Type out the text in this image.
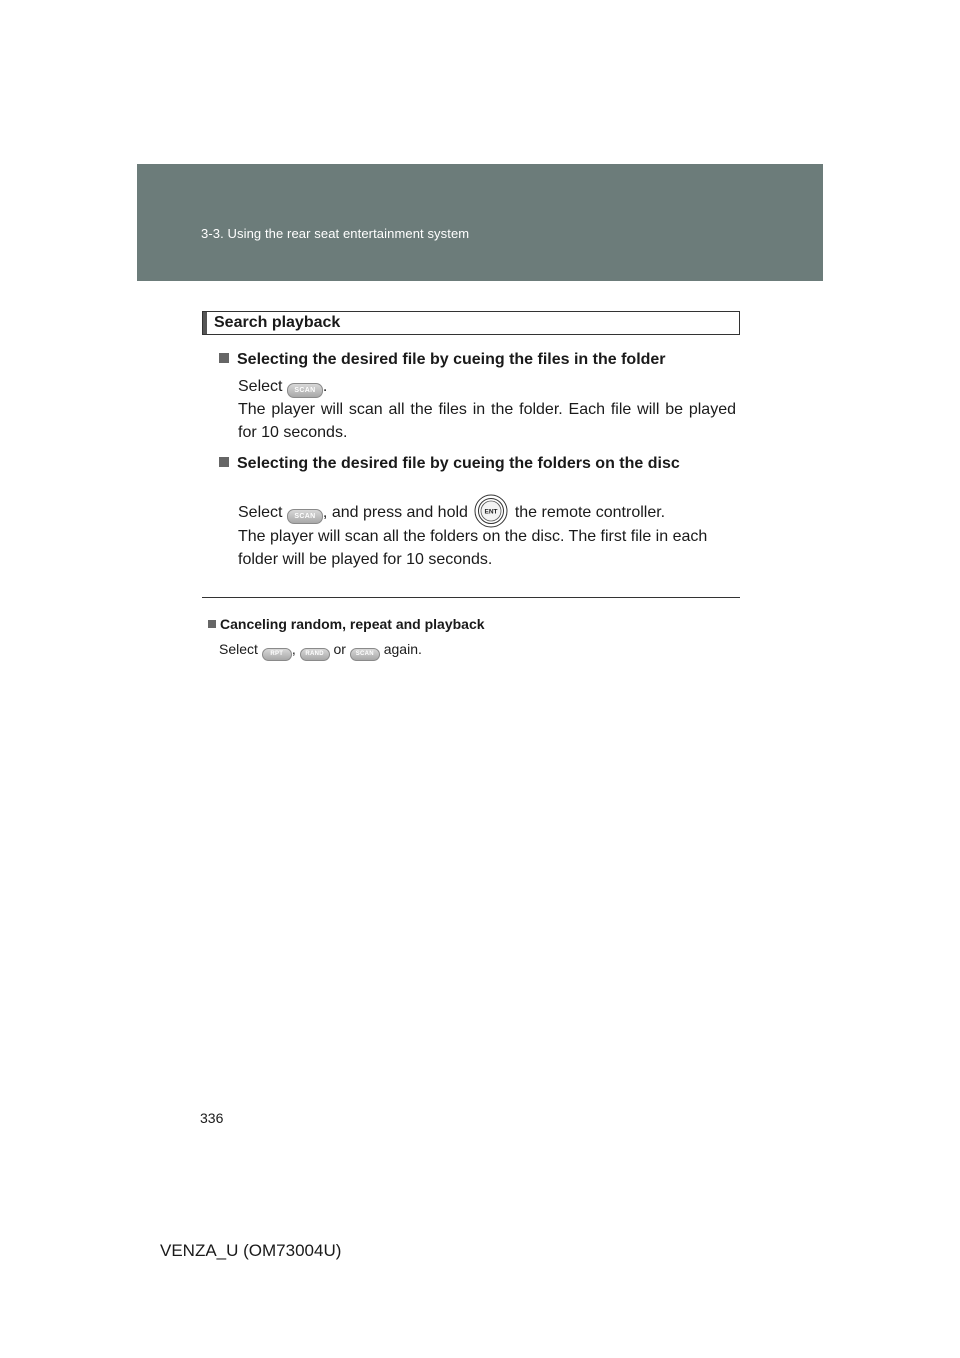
3-3. Using the rear seat entertainment system
Search playback
Selecting the desired file by cueing the files in the folder
Select SCAN .
The player will scan all the files in the folder. Each file will be played for 10 seconds.
Selecting the desired file by cueing the folders on the disc
Select SCAN , and press and hold	ENT the remote controller.
The player will scan all the folders on the disc. The first file in each folder will be played for 10 seconds.
Canceling random, repeat and playback
Select RPT , RAND or SCAN again.
336
VENZA_U (OM73004U)
